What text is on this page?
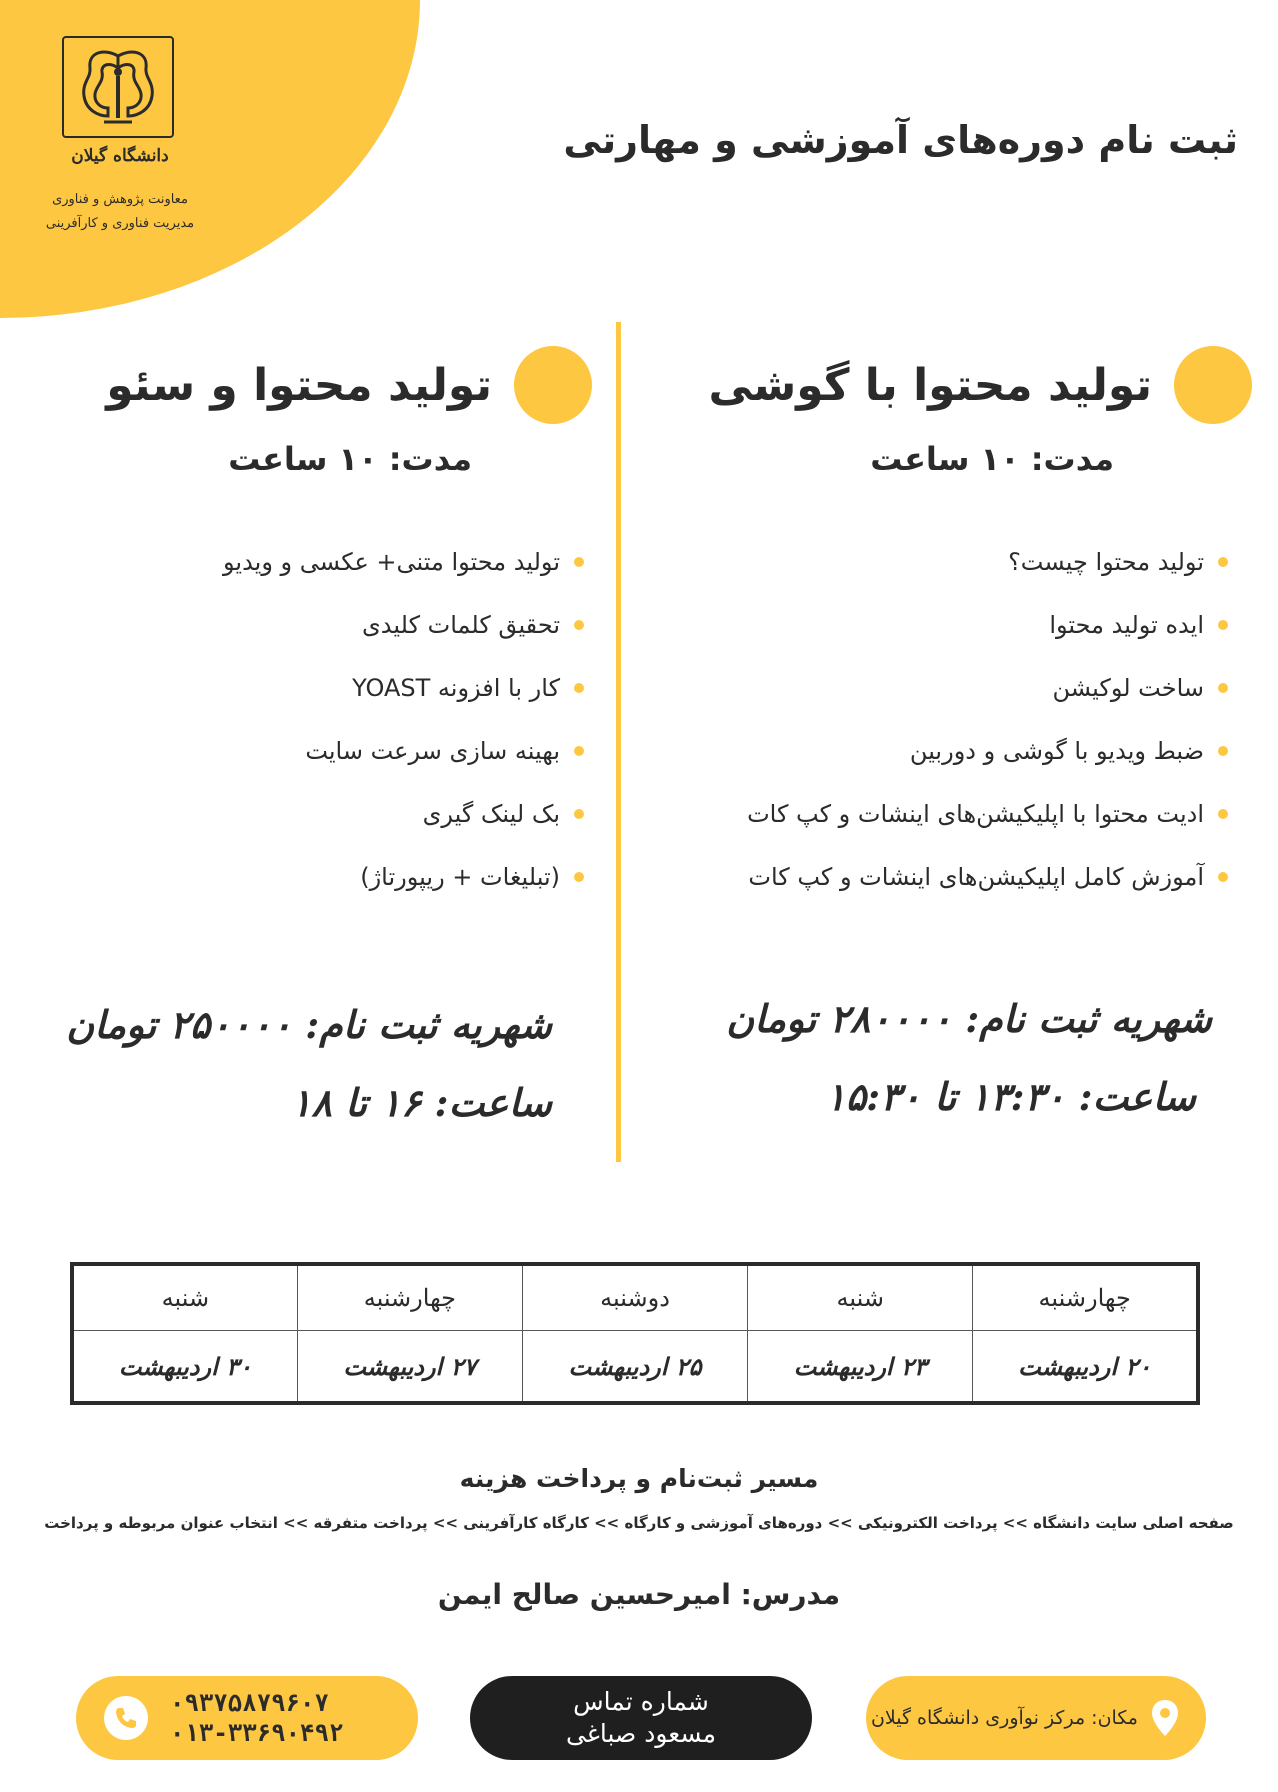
دانشگاه گیلان
معاونت پژوهش و فناوری
مدیریت فناوری و کارآفرینی
ثبت نام دوره‌های آموزشی و مهارتی
تولید محتوا با گوشی
مدت: ۱۰ ساعت
تولید محتوا چیست؟
ایده تولید محتوا
ساخت لوکیشن
ضبط ویدیو با گوشی و دوربین
ادیت محتوا با اپلیکیشن‌های اینشات و کپ کات
آموزش کامل اپلیکیشن‌های اینشات و کپ کات
تولید محتوا و سئو
مدت: ۱۰ ساعت
تولید محتوا متنی+ عکسی و ویدیو
تحقیق کلمات کلیدی
کار با افزونه YOAST
بهینه سازی سرعت سایت
بک لینک گیری
(تبلیغات + ریپورتاژ)
شهریه ثبت نام: ۲۸۰۰۰۰ تومان
ساعت: ۱۳:۳۰ تا ۱۵:۳۰
شهریه ثبت نام: ۲۵۰۰۰۰ تومان
ساعت: ۱۶ تا ۱۸
چهارشنبه	شنبه	دوشنبه	چهارشنبه	شنبه
۲۰ اردیبهشت	۲۳ اردیبهشت	۲۵ اردیبهشت	۲۷ اردیبهشت	۳۰ اردیبهشت
مسیر ثبت‌نام و پرداخت هزینه
صفحه اصلی سایت دانشگاه >> پرداخت الکترونیکی >> دوره‌های آموزشی و کارگاه >> کارگاه کارآفرینی >> پرداخت متفرقه >> انتخاب عنوان مربوطه و پرداخت
مدرس: امیرحسین صالح ایمن
مکان: مرکز نوآوری دانشگاه گیلان
شماره تماس
مسعود صباغی
۰۹۳۷۵۸۷۹۶۰۷
۰۱۳-۳۳۶۹۰۴۹۲
